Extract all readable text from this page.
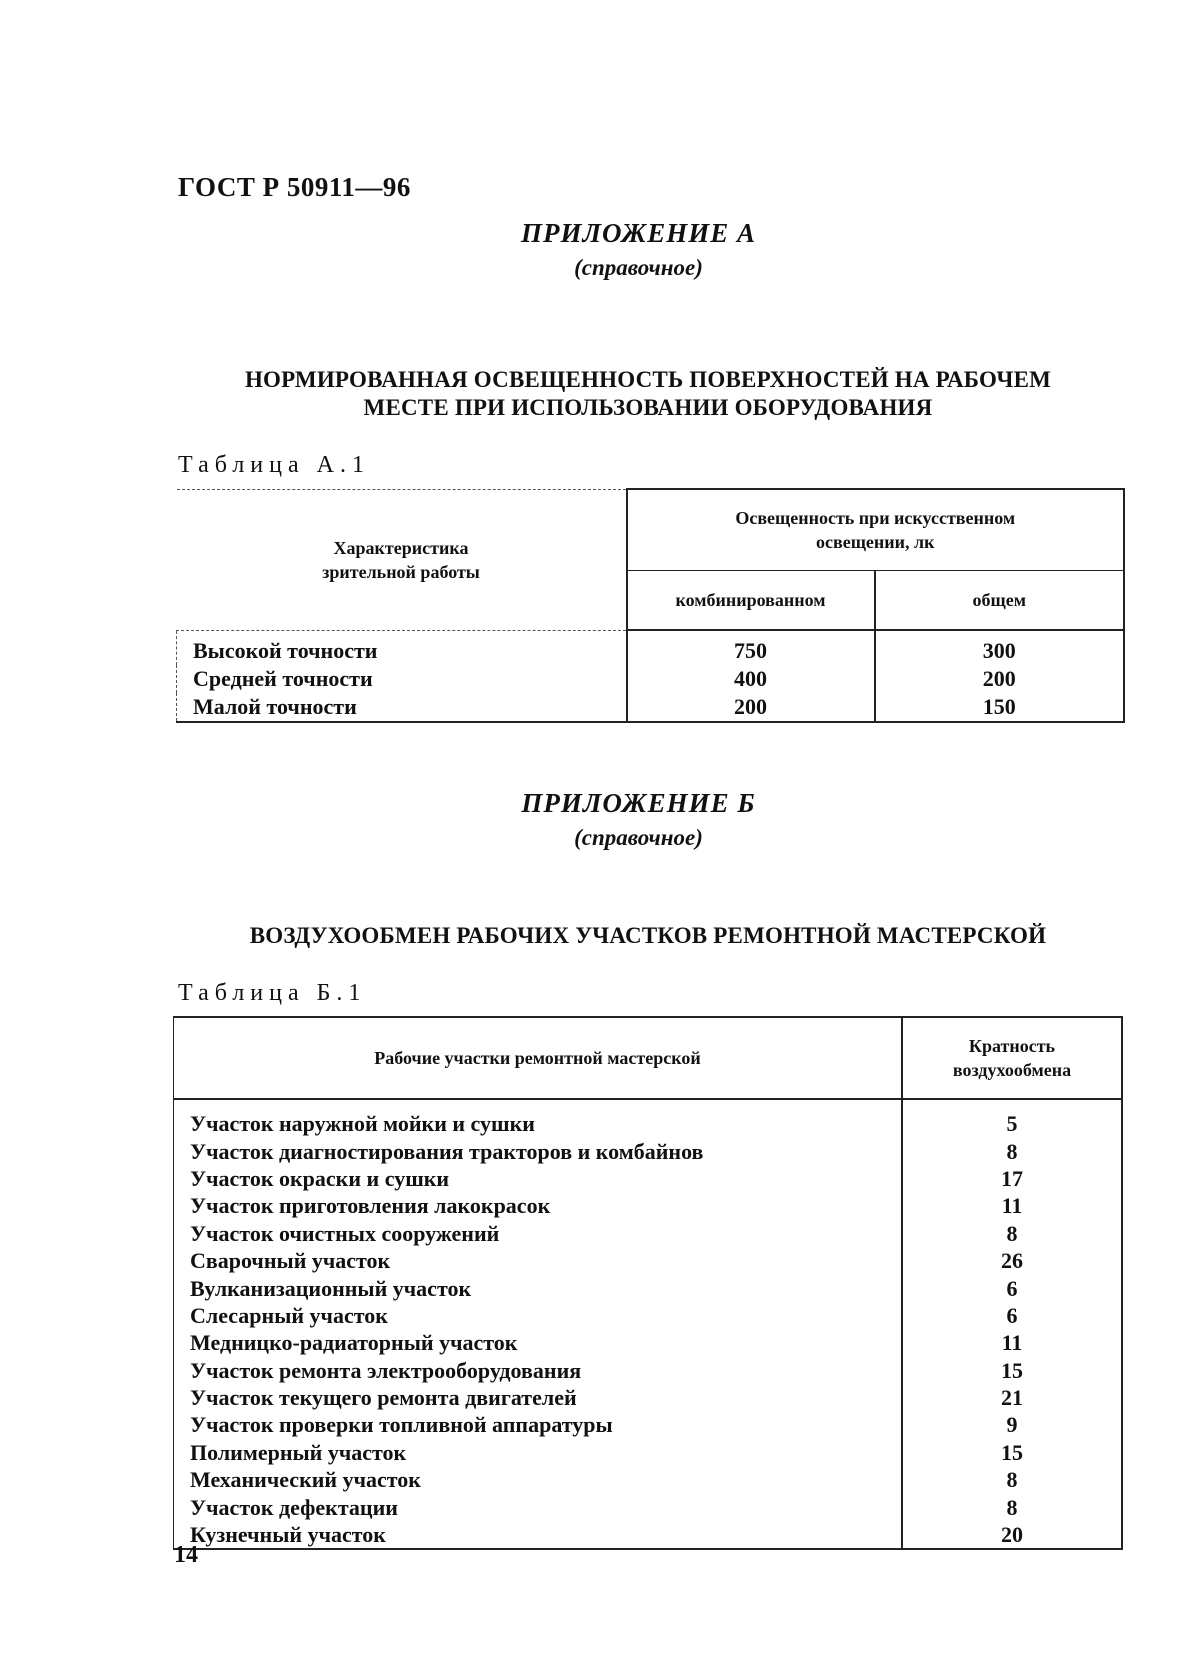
ГОСТ Р 50911—96
ПРИЛОЖЕНИЕ А
(справочное)
НОРМИРОВАННАЯ ОСВЕЩЕННОСТЬ ПОВЕРХНОСТЕЙ НА РАБОЧЕМ
МЕСТЕ ПРИ ИСПОЛЬЗОВАНИИ ОБОРУДОВАНИЯ
Таблица А.1
Характеристика зрительной работы	Освещенность при искусственном освещении, лк	

	комбинированном	общем
Высокой точности	750	300
Средней точности	400	200
Малой точности	200	150
ПРИЛОЖЕНИЕ Б
(справочное)
ВОЗДУХООБМЕН РАБОЧИХ УЧАСТКОВ РЕМОНТНОЙ МАСТЕРСКОЙ
Таблица Б.1
Рабочие участки ремонтной мастерской	Кратность воздухообмена

Участок наружной мойки и сушки	5
Участок диагностирования тракторов и комбайнов	8
Участок окраски и сушки	17
Участок приготовления лакокрасок	11
Участок очистных сооружений	8
Сварочный участок	26
Вулканизационный участок	6
Слесарный участок	6
Медницко-радиаторный участок	11
Участок ремонта электрооборудования	15
Участок текущего ремонта двигателей	21
Участок проверки топливной аппаратуры	9
Полимерный участок	15
Механический участок	8
Участок дефектации	8
Кузнечный участок	20
14
